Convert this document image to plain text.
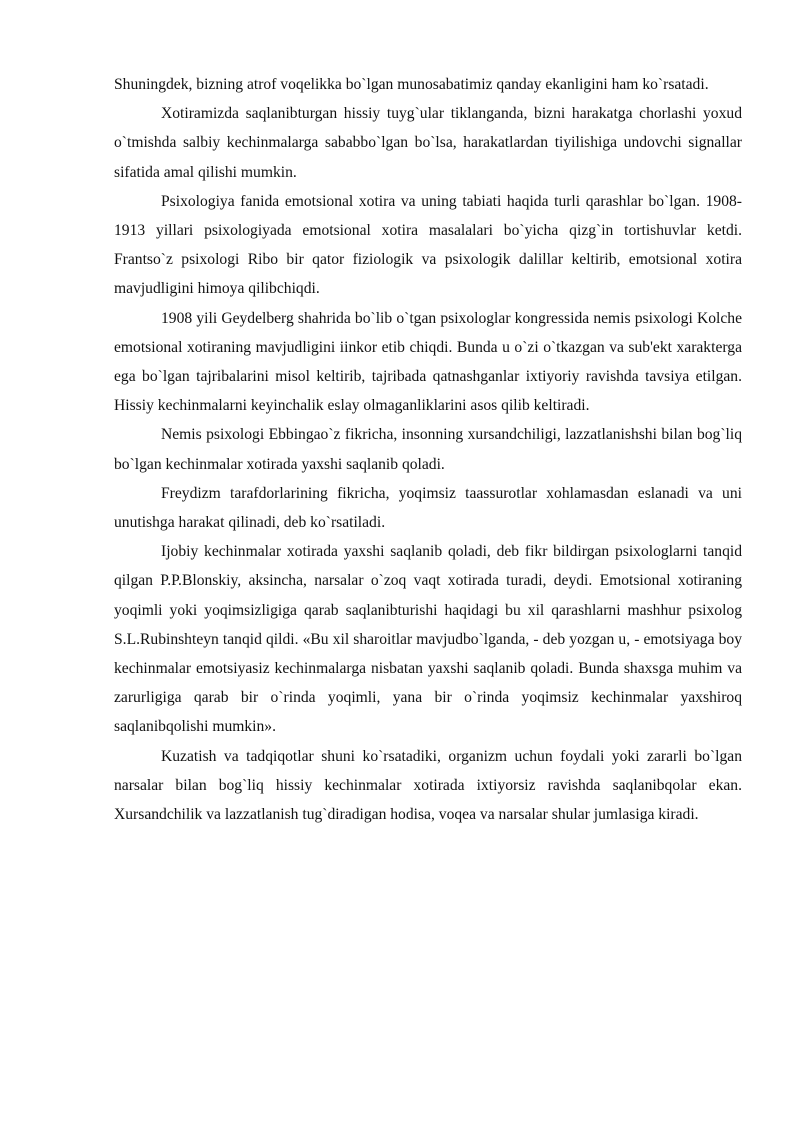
Shuningdek, bizning atrof voqelikka bo`lgan munosabatimiz qanday ekanligini ham ko`rsatadi.

Xotiramizda saqlanibturgan hissiy tuyg`ular tiklanganda, bizni harakatga chorlashi yoxud o`tmishda salbiy kechinmalarga sababbo`lgan bo`lsa, harakatlardan tiyilishiga undovchi signallar sifatida amal qilishi mumkin.

Psixologiya fanida emotsional xotira va uning tabiati haqida turli qarashlar bo`lgan. 1908-1913 yillari psixologiyada emotsional xotira masalalari bo`yicha qizg`in tortishuvlar ketdi. Frantso`z psixologi Ribo bir qator fiziologik va psixologik dalillar keltirib, emotsional xotira mavjudligini himoya qilibchiqdi.

1908 yili Geydelberg shahrida bo`lib o`tgan psixologlar kongressida nemis psixologi Kolche emotsional xotiraning mavjudligini iinkor etib chiqdi. Bunda u o`zi o`tkazgan va sub'ekt xarakterga ega bo`lgan tajribalarini misol keltirib, tajribada qatnashganlar ixtiyoriy ravishda tavsiya etilgan. Hissiy kechinmalarni keyinchalik eslay olmaganliklarini asos qilib keltiradi.

Nemis psixologi Ebbingao`z fikricha, insonning xursandchiligi, lazzatlanishshi bilan bog`liq bo`lgan kechinmalar xotirada yaxshi saqlanib qoladi.

Freydizm tarafdorlarining fikricha, yoqimsiz taassurotlar xohlamasdan eslanadi va uni unutishga harakat qilinadi, deb ko`rsatiladi.

Ijobiy kechinmalar xotirada yaxshi saqlanib qoladi, deb fikr bildirgan psixologlarni tanqid qilgan P.P.Blonskiy, aksincha, narsalar o`zoq vaqt xotirada turadi, deydi. Emotsional xotiraning yoqimli yoki yoqimsizligiga qarab saqlanibturishi haqidagi bu xil qarashlarni mashhur psixolog S.L.Rubinshteyn tanqid qildi. «Bu xil sharoitlar mavjudbo`lganda, - deb yozgan u, - emotsiyaga boy kechinmalar emotsiyasiz kechinmalarga nisbatan yaxshi saqlanib qoladi. Bunda shaxsga muhim va zarurligiga qarab bir o`rinda yoqimli, yana bir o`rinda yoqimsiz kechinmalar yaxshiroq saqlanibqolishi mumkin».

Kuzatish va tadqiqotlar shuni ko`rsatadiki, organizm uchun foydali yoki zararli bo`lgan narsalar bilan bog`liq hissiy kechinmalar xotirada ixtiyorsiz ravishda saqlanibqolar ekan. Xursandchilik va lazzatlanish tug`diradigan hodisa, voqea va narsalar shular jumlasiga kiradi.
